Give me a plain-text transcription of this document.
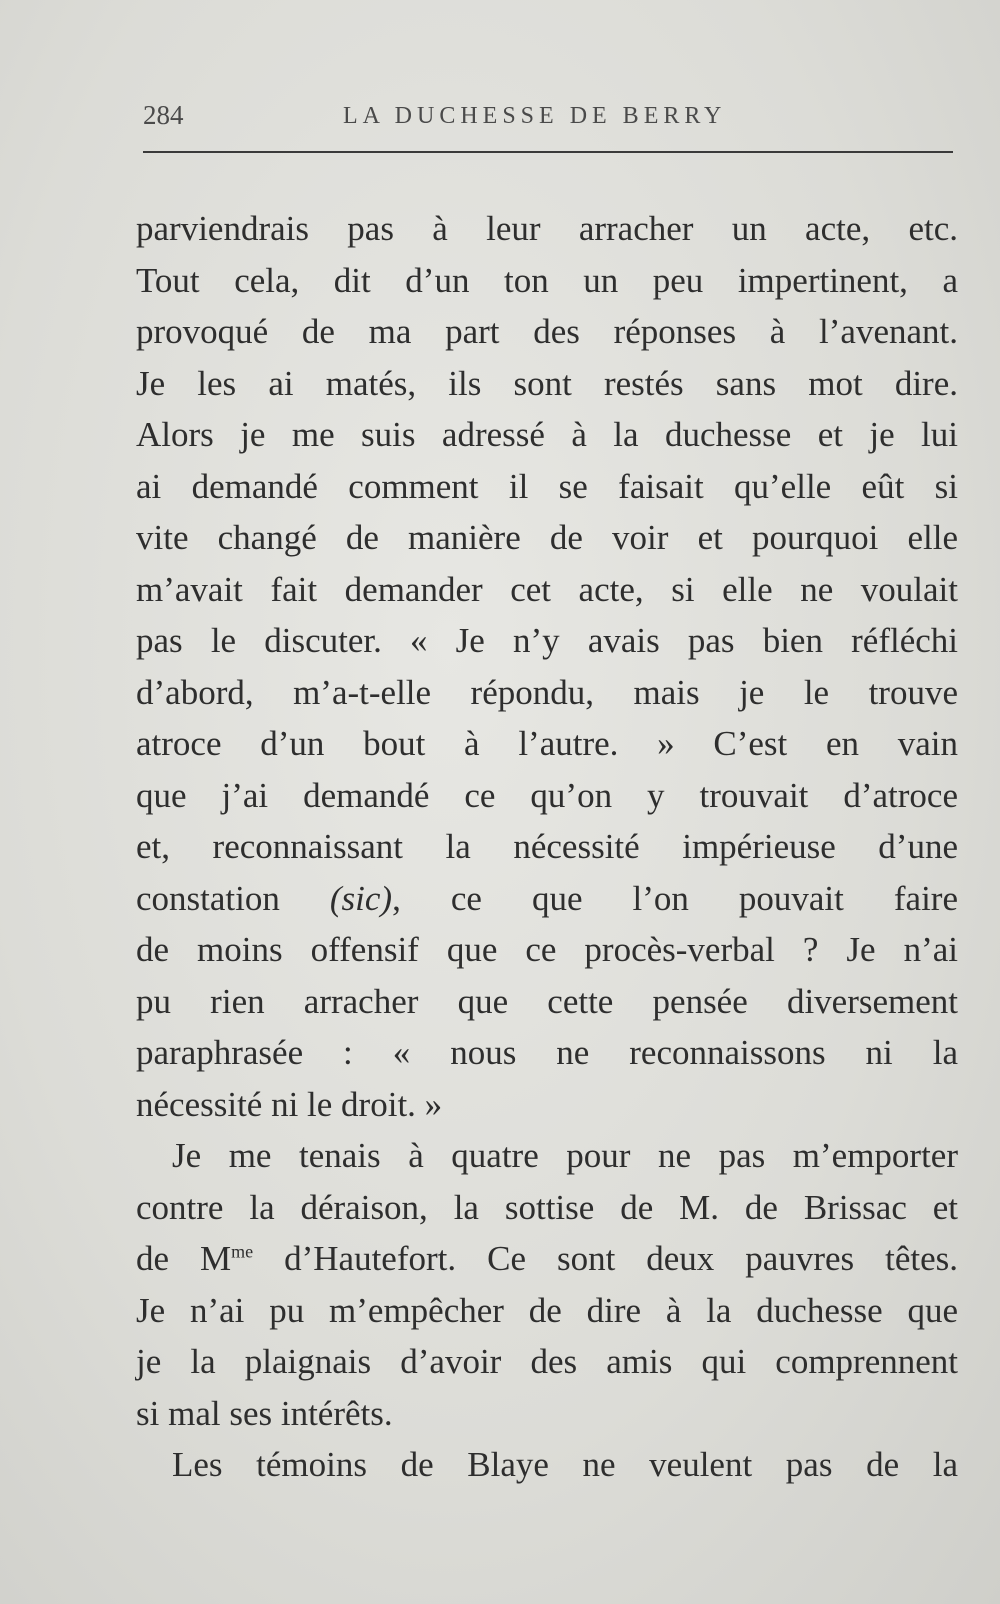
284	LA DUCHESSE DE BERRY
parviendrais pas à leur arracher un acte, etc.
Tout cela, dit d’un ton un peu impertinent, a
provoqué de ma part des réponses à l’avenant.
Je les ai matés, ils sont restés sans mot dire.
Alors je me suis adressé à la duchesse et je lui
ai demandé comment il se faisait qu’elle eût si
vite changé de manière de voir et pourquoi elle
m’avait fait demander cet acte, si elle ne voulait
pas le discuter. « Je n’y avais pas bien réfléchi
d’abord, m’a-t-elle répondu, mais je le trouve
atroce d’un bout à l’autre. » C’est en vain
que j’ai demandé ce qu’on y trouvait d’atroce
et, reconnaissant la nécessité impérieuse d’une
constation (sic), ce que l’on pouvait faire
de moins offensif que ce procès-verbal ? Je n’ai
pu rien arracher que cette pensée diversement
paraphrasée : « nous ne reconnaissons ni la
nécessité ni le droit. »
Je me tenais à quatre pour ne pas m’emporter
contre la déraison, la sottise de M. de Brissac et
de $M^{me}$ d’Hautefort. Ce sont deux pauvres têtes.
Je n’ai pu m’empêcher de dire à la duchesse que
je la plaignais d’avoir des amis qui comprennent
si mal ses intérêts.
Les témoins de Blaye ne veulent pas de la
